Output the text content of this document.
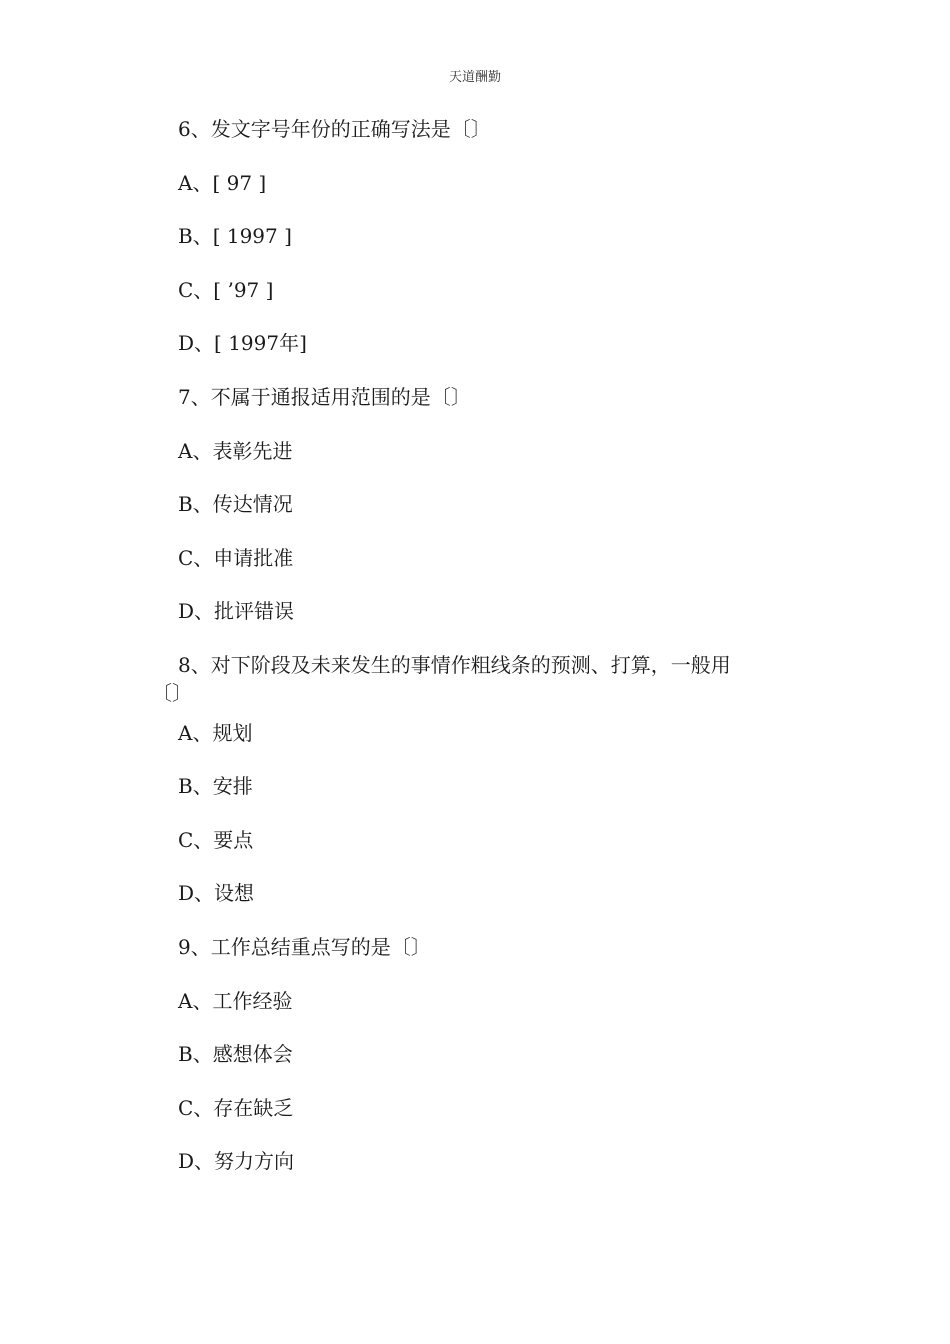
天道酬勤
6、发文字号年份的正确写法是〔〕
A、[ 97 ]
B、[ 1997 ]
C、[ ’97 ]
D、[ 1997年]
7、不属于通报适用范围的是〔〕
A、表彰先进
B、传达情况
C、申请批准
D、批评错误
8、对下阶段及未来发生的事情作粗线条的预测、打算，一般用
〔〕
A、规划
B、安排
C、要点
D、设想
9、工作总结重点写的是〔〕
A、工作经验
B、感想体会
C、存在缺乏
D、努力方向
